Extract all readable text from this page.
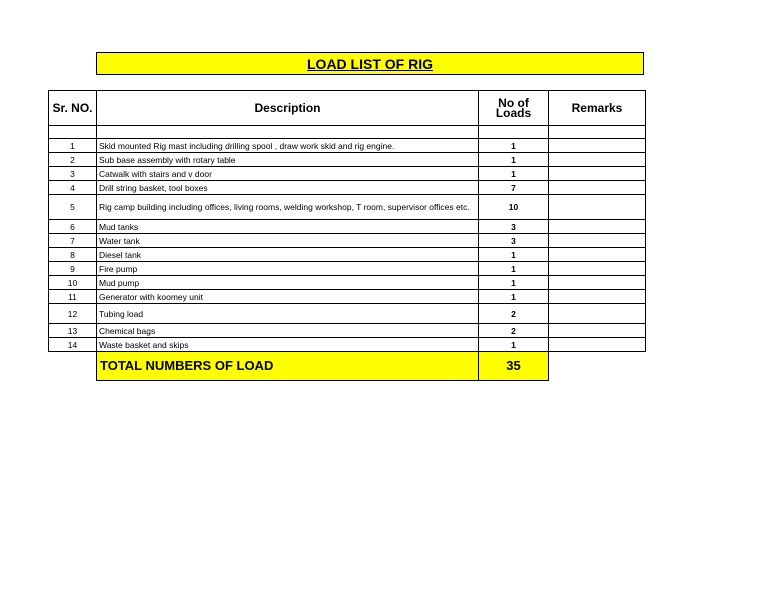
LOAD LIST OF RIG
Sr. NO.	Description	No of Loads	Remarks

1	Skid mounted Rig mast including drilling spool , draw work skid and rig engine.	1	
2	Sub base assembly with rotary table	1	
3	Catwalk with stairs and v door	1	
4	Drill string basket, tool boxes	7	
5	Rig camp building including offices, living rooms, welding workshop, T room, supervisor offices etc.	10	
6	Mud tanks	3	
7	Water tank	3	
8	Diesel tank	1	
9	Fire pump	1	
10	Mud pump	1	
11	Generator with koomey unit	1	
12	Tubing load	2	
13	Chemical bags	2	
14	Waste basket and skips	1	
	TOTAL NUMBERS OF LOAD	35	
